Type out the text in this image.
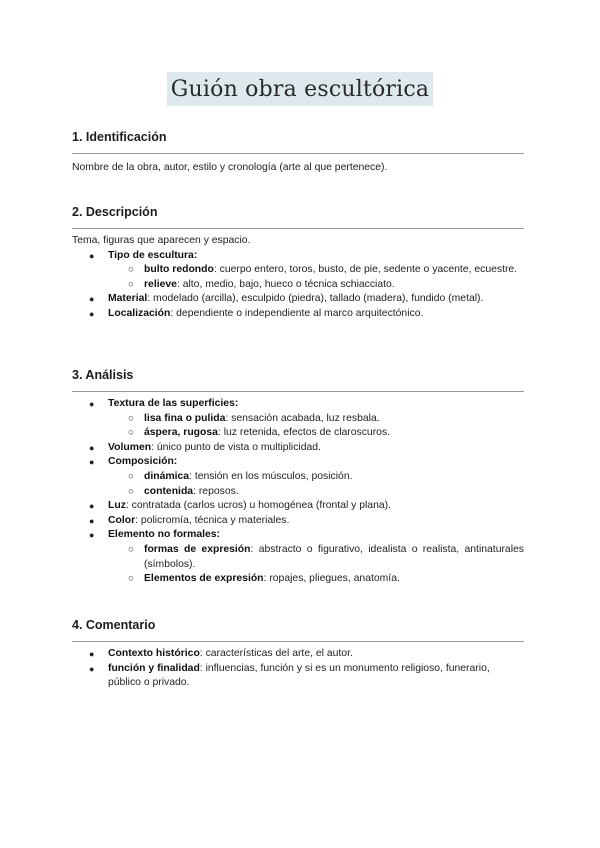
Guión obra escultórica
1. Identificación
Nombre de la obra, autor, estilo y cronología (arte al que pertenece).
2. Descripción
Tema, figuras que aparecen y espacio.
● Tipo de escultura:
○ bulto redondo: cuerpo entero, toros, busto, de pie, sedente o yacente, ecuestre.
○ relieve: alto, medio, bajo, hueco o técnica schiacciato.
● Material: modelado (arcilla), esculpido (piedra), tallado (madera), fundido (metal).
● Localización: dependiente o independiente al marco arquitectónico.
3. Análisis
● Textura de las superficies:
○ lisa fina o pulida: sensación acabada, luz resbala.
○ áspera, rugosa: luz retenida, efectos de claroscuros.
● Volumen: único punto de vista o multiplicidad.
● Composición:
○ dinámica: tensión en los músculos, posición.
○ contenida: reposos.
● Luz: contratada (carlos ucros) u homogénea (frontal y plana).
● Color: policromía, técnica y materiales.
● Elemento no formales:
○ formas de expresión: abstracto o figurativo, idealista o realista, antinaturales (símbolos).
○ Elementos de expresión: ropajes, pliegues, anatomía.
4. Comentario
● Contexto histórico: características del arte, el autor.
● función y finalidad: influencias, función y si es un monumento religioso, funerario, público o privado.
